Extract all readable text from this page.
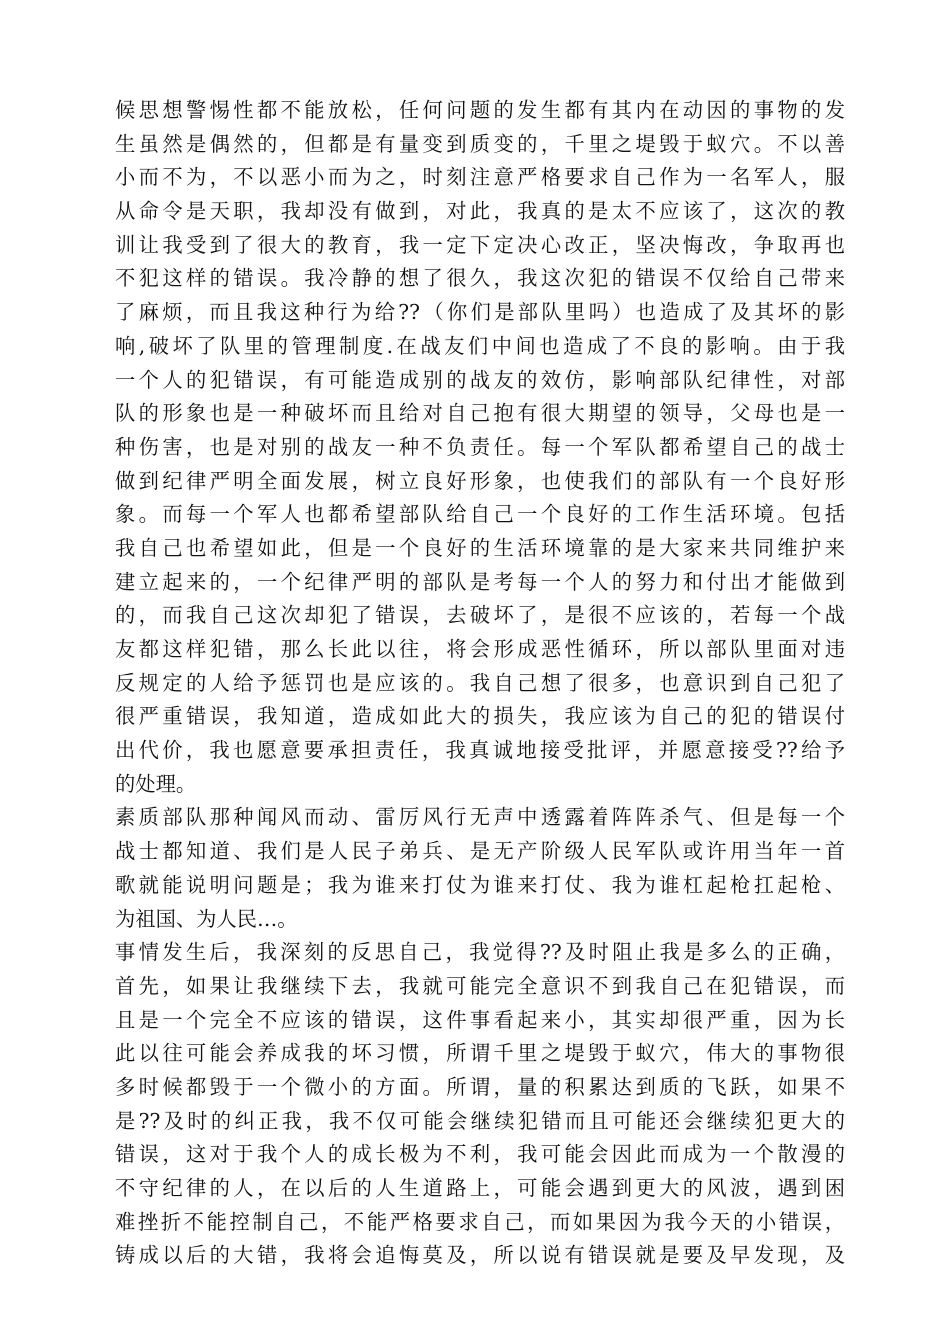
候思想警惕性都不能放松，任何问题的发生都有其内在动因的事物的发
生虽然是偶然的，但都是有量变到质变的，千里之堤毁于蚁穴。不以善
小而不为，不以恶小而为之，时刻注意严格要求自己作为一名军人，服
从命令是天职，我却没有做到，对此，我真的是太不应该了，这次的教
训让我受到了很大的教育，我一定下定决心改正，坚决悔改，争取再也
不犯这样的错误。我冷静的想了很久，我这次犯的错误不仅给自己带来
了麻烦，而且我这种行为给??（你们是部队里吗）也造成了及其坏的影
响,破坏了队里的管理制度.在战友们中间也造成了不良的影响。由于我
一个人的犯错误，有可能造成别的战友的效仿，影响部队纪律性，对部
队的形象也是一种破坏而且给对自己抱有很大期望的领导，父母也是一
种伤害，也是对别的战友一种不负责任。每一个军队都希望自己的战士
做到纪律严明全面发展，树立良好形象，也使我们的部队有一个良好形
象。而每一个军人也都希望部队给自己一个良好的工作生活环境。包括
我自己也希望如此，但是一个良好的生活环境靠的是大家来共同维护来
建立起来的，一个纪律严明的部队是考每一个人的努力和付出才能做到
的，而我自己这次却犯了错误，去破坏了，是很不应该的，若每一个战
友都这样犯错，那么长此以往，将会形成恶性循环，所以部队里面对违
反规定的人给予惩罚也是应该的。我自己想了很多，也意识到自己犯了
很严重错误，我知道，造成如此大的损失，我应该为自己的犯的错误付
出代价，我也愿意要承担责任，我真诚地接受批评，并愿意接受??给予
的处理。
素质部队那种闻风而动、雷厉风行无声中透露着阵阵杀气、但是每一个
战士都知道、我们是人民子弟兵、是无产阶级人民军队或许用当年一首
歌就能说明问题是；我为谁来打仗为谁来打仗、我为谁杠起枪扛起枪、
为祖国、为人民…。
事情发生后，我深刻的反思自己，我觉得??及时阻止我是多么的正确，
首先，如果让我继续下去，我就可能完全意识不到我自己在犯错误，而
且是一个完全不应该的错误，这件事看起来小，其实却很严重，因为长
此以往可能会养成我的坏习惯，所谓千里之堤毁于蚁穴，伟大的事物很
多时候都毁于一个微小的方面。所谓，量的积累达到质的飞跃，如果不
是??及时的纠正我，我不仅可能会继续犯错而且可能还会继续犯更大的
错误，这对于我个人的成长极为不利，我可能会因此而成为一个散漫的
不守纪律的人，在以后的人生道路上，可能会遇到更大的风波，遇到困
难挫折不能控制自己，不能严格要求自己，而如果因为我今天的小错误，
铸成以后的大错，我将会追悔莫及，所以说有错误就是要及早发现，及
